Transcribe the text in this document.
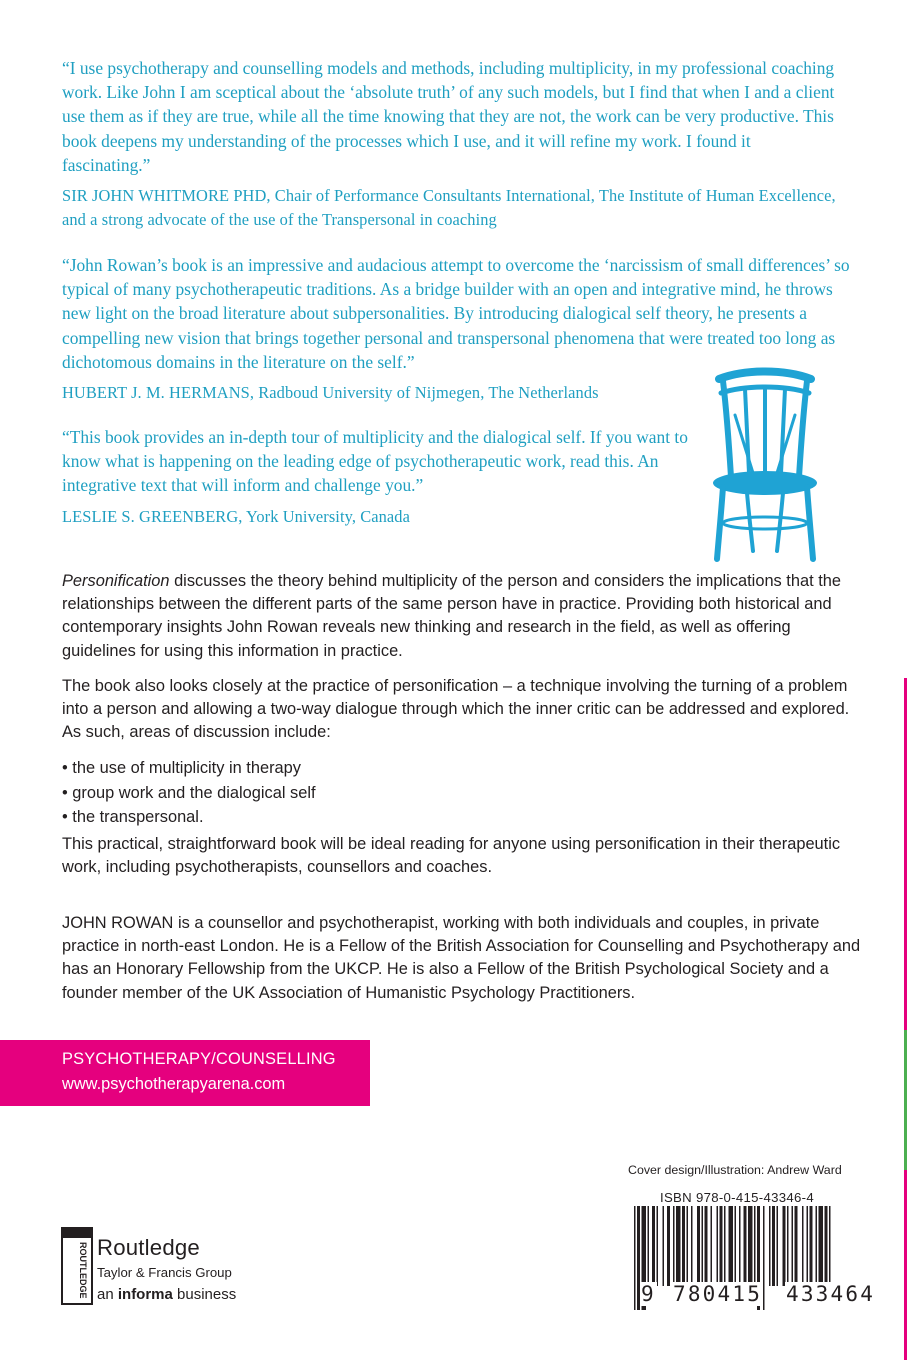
“I use psychotherapy and counselling models and methods, including multiplicity, in my professional coaching work. Like John I am sceptical about the ‘absolute truth’ of any such models, but I find that when I and a client use them as if they are true, while all the time knowing that they are not, the work can be very productive. This book deepens my understanding of the processes which I use, and it will refine my work. I found it fascinating.”

SIR JOHN WHITMORE PHD, Chair of Performance Consultants International, The Institute of Human Excellence, and a strong advocate of the use of the Transpersonal in coaching

“John Rowan’s book is an impressive and audacious attempt to overcome the ‘narcissism of small differences’ so typical of many psychotherapeutic traditions. As a bridge builder with an open and integrative mind, he throws new light on the broad literature about subpersonalities. By introducing dialogical self theory, he presents a compelling new vision that brings together personal and transpersonal phenomena that were treated too long as dichotomous domains in the literature on the self.”

HUBERT J. M. HERMANS, Radboud University of Nijmegen, The Netherlands

“This book provides an in-depth tour of multiplicity and the dialogical self. If you want to know what is happening on the leading edge of psychotherapeutic work, read this. An integrative text that will inform and challenge you.”

LESLIE S. GREENBERG, York University, Canada

Personification discusses the theory behind multiplicity of the person and considers the implications that the relationships between the different parts of the same person have in practice. Providing both historical and contemporary insights John Rowan reveals new thinking and research in the field, as well as offering guidelines for using this information in practice.

The book also looks closely at the practice of personification – a technique involving the turning of a problem into a person and allowing a two-way dialogue through which the inner critic can be addressed and explored. As such, areas of discussion include:

• the use of multiplicity in therapy

• group work and the dialogical self

• the transpersonal.

This practical, straightforward book will be ideal reading for anyone using personification in their therapeutic work, including psychotherapists, counsellors and coaches.

JOHN ROWAN is a counsellor and psychotherapist, working with both individuals and couples, in private practice in north-east London. He is a Fellow of the British Association for Counselling and Psychotherapy and has an Honorary Fellowship from the UKCP. He is also a Fellow of the British Psychological Society and a founder member of the UK Association of Humanistic Psychology Practitioners.

PSYCHOTHERAPY/COUNSELLING
www.psychotherapyarena.com
Cover design/Illustration: Andrew Ward
ISBN 978-0-415-43346-4
9 780415 433464
ROUTLEDGE Routledge
Taylor & Francis Group
an informa business
